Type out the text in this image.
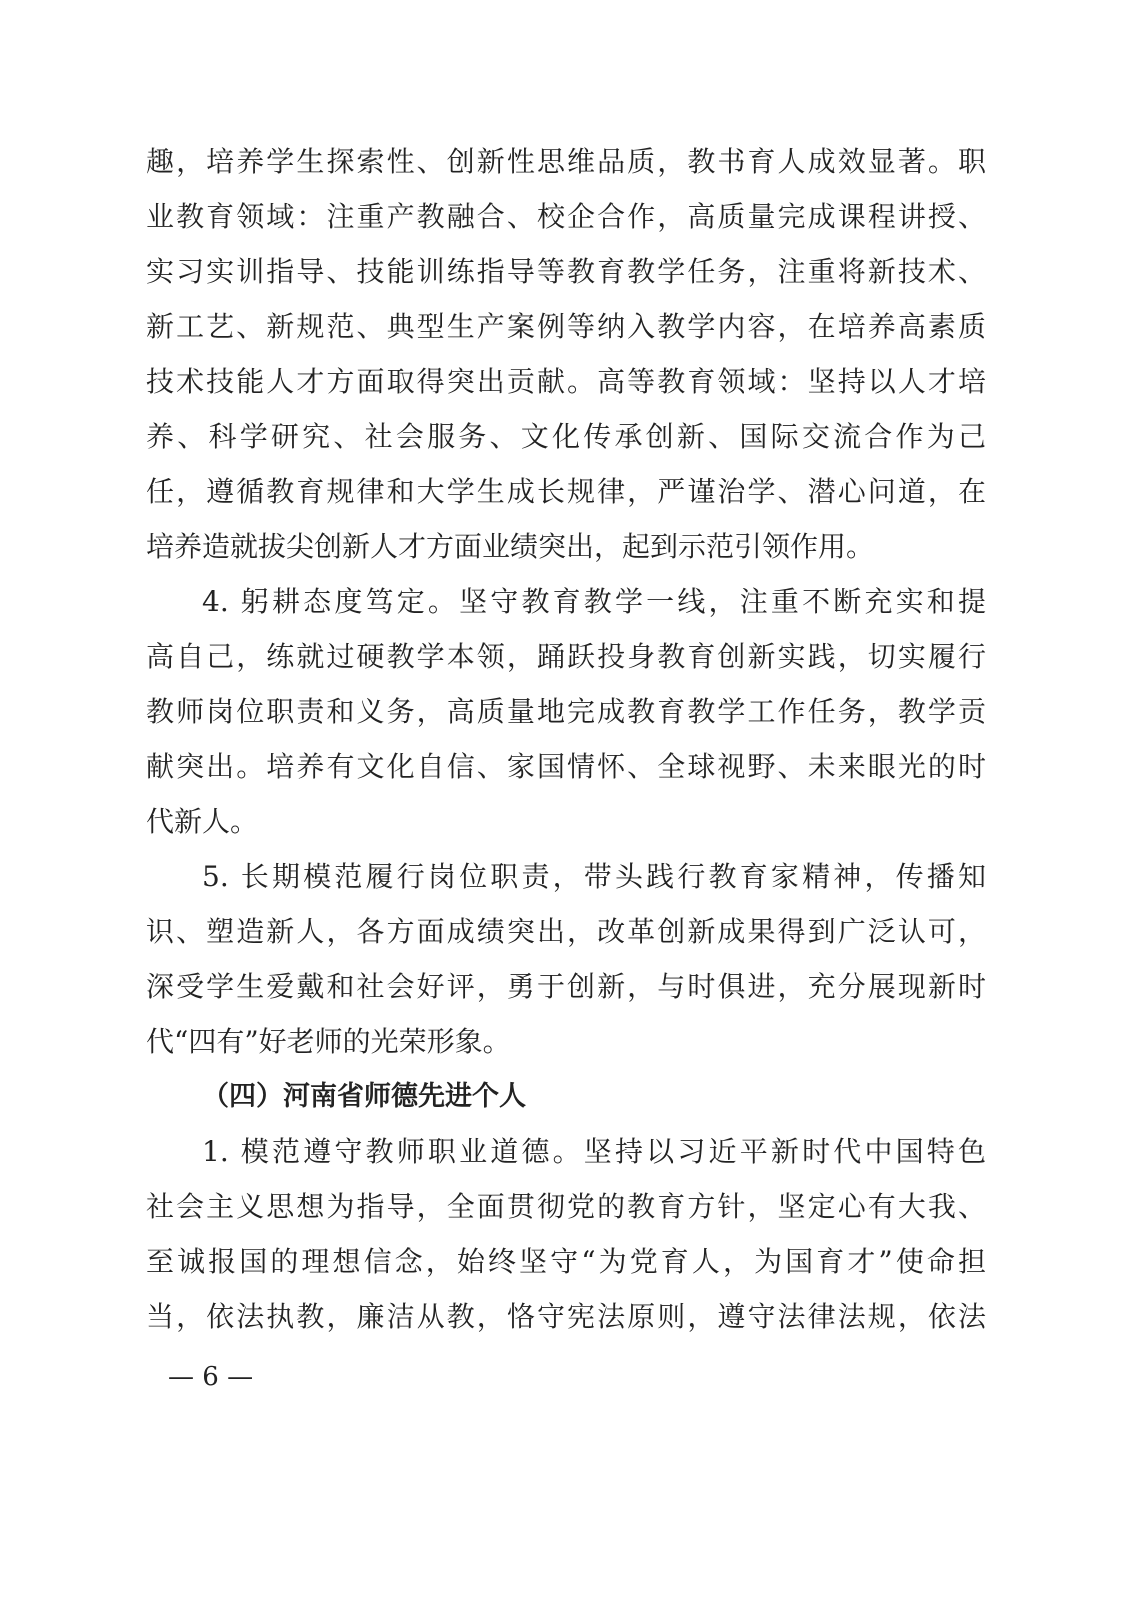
趣，培养学生探索性、创新性思维品质，教书育人成效显著。职
业教育领域：注重产教融合、校企合作，高质量完成课程讲授、
实习实训指导、技能训练指导等教育教学任务，注重将新技术、
新工艺、新规范、典型生产案例等纳入教学内容，在培养高素质
技术技能人才方面取得突出贡献。高等教育领域：坚持以人才培
养、科学研究、社会服务、文化传承创新、国际交流合作为己
任，遵循教育规律和大学生成长规律，严谨治学、潜心问道，在
培养造就拔尖创新人才方面业绩突出，起到示范引领作用。
4. 躬耕态度笃定。坚守教育教学一线，注重不断充实和提
高自己，练就过硬教学本领，踊跃投身教育创新实践，切实履行
教师岗位职责和义务，高质量地完成教育教学工作任务，教学贡
献突出。培养有文化自信、家国情怀、全球视野、未来眼光的时
代新人。
5. 长期模范履行岗位职责，带头践行教育家精神，传播知
识、塑造新人，各方面成绩突出，改革创新成果得到广泛认可，
深受学生爱戴和社会好评，勇于创新，与时俱进，充分展现新时
代“四有”好老师的光荣形象。
（四）河南省师德先进个人
1. 模范遵守教师职业道德。坚持以习近平新时代中国特色
社会主义思想为指导，全面贯彻党的教育方针，坚定心有大我、
至诚报国的理想信念，始终坚守“为党育人，为国育才”使命担
当，依法执教，廉洁从教，恪守宪法原则，遵守法律法规，依法
— 6 —
